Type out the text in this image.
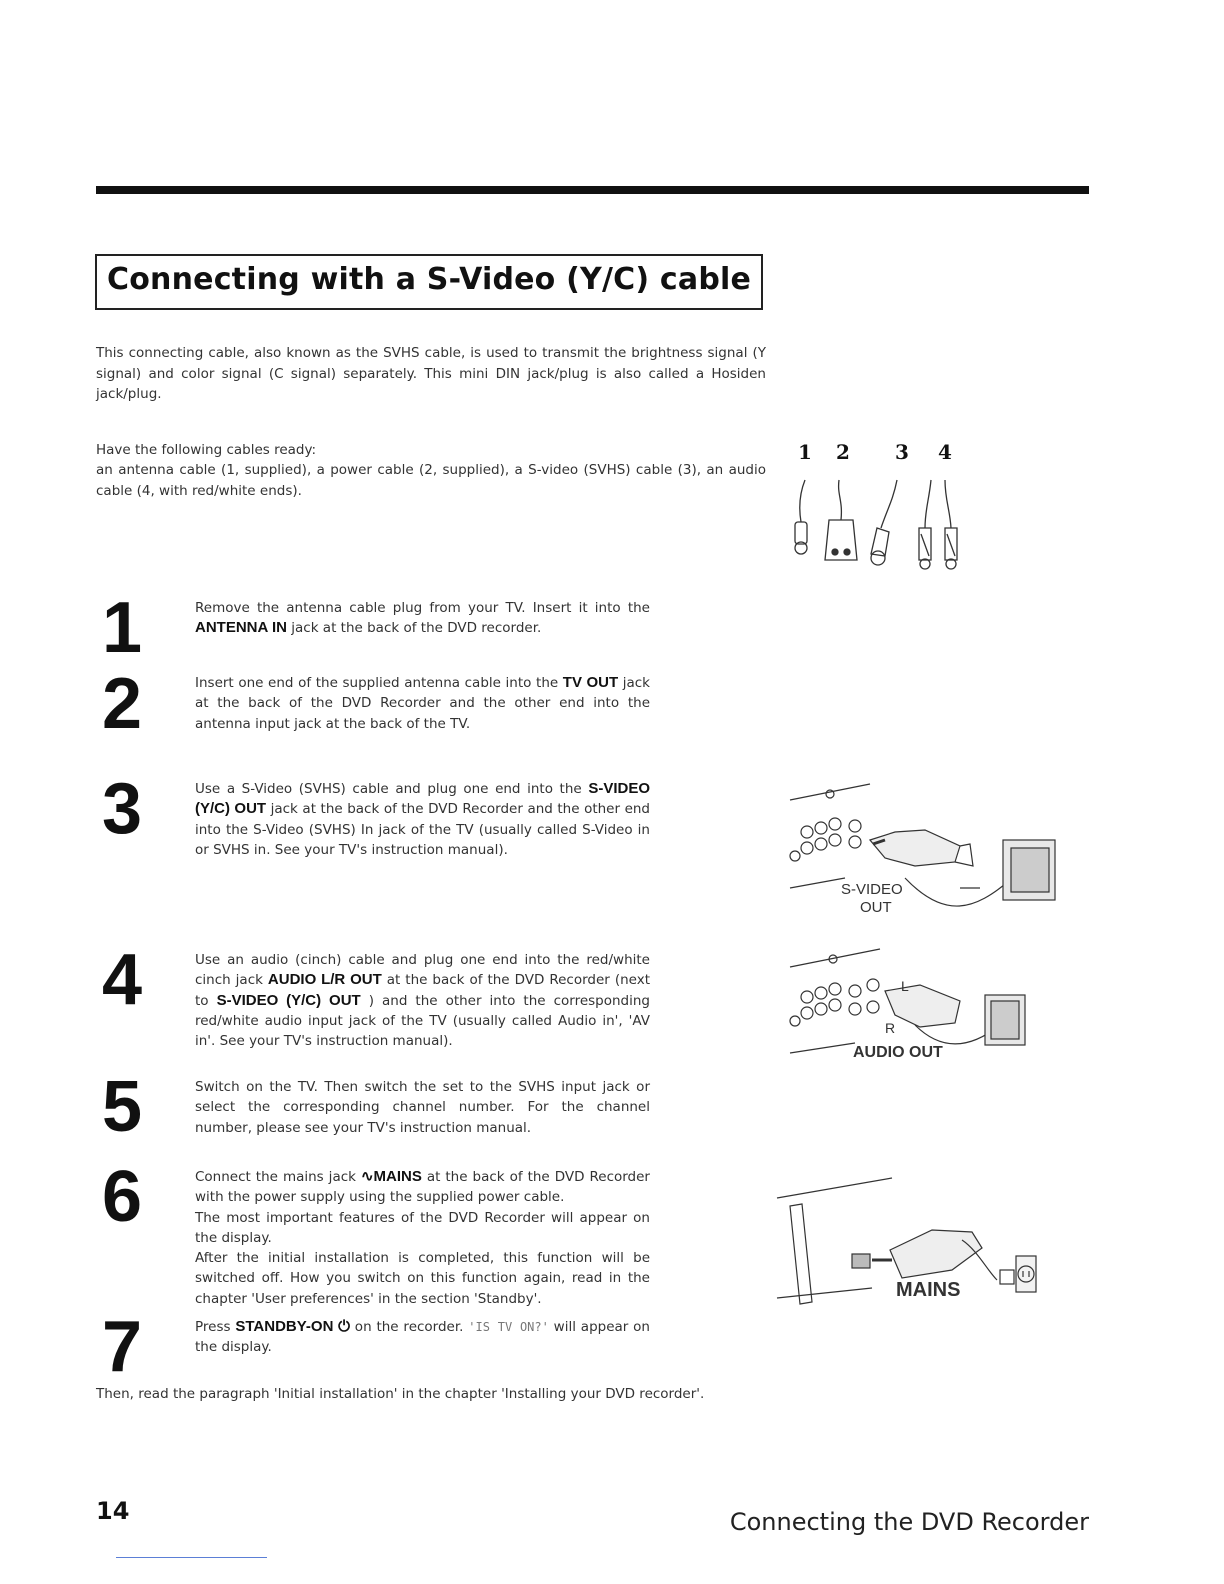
Connecting with a S-Video (Y/C) cable

This connecting cable, also known as the SVHS cable, is used to transmit the brightness signal (Y signal) and color signal (C signal) separately. This mini DIN jack/plug is also called a Hosiden jack/plug.

Have the following cables ready:

an antenna cable (1, supplied), a power cable (2, supplied), a S-video (SVHS) cable (3), an audio cable (4, with red/white ends).

1 2 3 4
1	Remove the antenna cable plug from your TV. Insert it into the ANTENNA IN jack at the back of the DVD recorder.
2	Insert one end of the supplied antenna cable into the TV OUT jack at the back of the DVD Recorder and the other end into the antenna input jack at the back of the TV.
3	Use a S-Video (SVHS) cable and plug one end into the S-VIDEO (Y/C) OUT jack at the back of the DVD Recorder and the other end into the S-Video (SVHS) In jack of the TV (usually called S-Video in or SVHS in. See your TV's instruction manual).
4	Use an audio (cinch) cable and plug one end into the red/white cinch jack AUDIO L/R OUT at the back of the DVD Recorder (next to S-VIDEO (Y/C) OUT ) and the other into the corresponding red/white audio input jack of the TV (usually called Audio in', 'AV in'. See your TV's instruction manual).
5	Switch on the TV. Then switch the set to the SVHS input jack or select the corresponding channel number. For the channel number, please see your TV's instruction manual.
6	Connect the mains jack ∿MAINS at the back of the DVD Recorder with the power supply using the supplied power cable.
The most important features of the DVD Recorder will appear on the display.
After the initial installation is completed, this function will be switched off. How you switch on this function again, read in the chapter 'User preferences' in the section 'Standby'.
7	Press STANDBY-ON ⏻ on the recorder. 'IS TV ON?' will appear on the display.
S-VIDEO
OUT
L
R
AUDIO OUT
MAINS

Then, read the paragraph 'Initial installation' in the chapter 'Installing your DVD recorder'.

14	Connecting the DVD Recorder
